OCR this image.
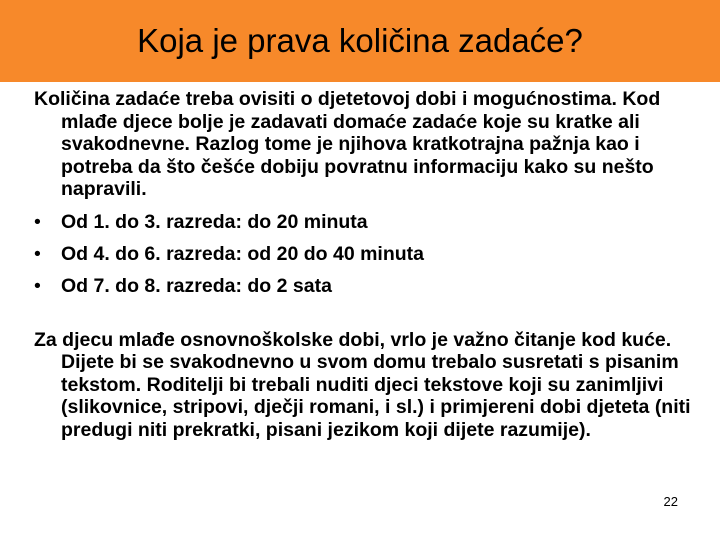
Koja je prava količina zadaće?

Količina zadaće treba ovisiti o djetetovoj dobi i mogućnostima. Kod mlađe djece bolje je zadavati domaće zadaće koje su kratke ali svakodnevne. Razlog tome je njihova kratkotrajna pažnja kao i potreba da što češće dobiju povratnu informaciju kako su nešto napravili.

• Od 1. do 3. razreda: do 20 minuta
• Od 4. do 6. razreda: od 20 do 40 minuta
• Od 7. do 8. razreda: do 2 sata

Za djecu mlađe osnovnoškolske dobi, vrlo je važno čitanje kod kuće. Dijete bi se svakodnevno u svom domu trebalo susretati s pisanim tekstom. Roditelji bi trebali nuditi djeci tekstove koji su zanimljivi (slikovnice, stripovi, dječji romani, i sl.) i primjereni dobi djeteta (niti predugi niti prekratki, pisani jezikom koji dijete razumije).

22
